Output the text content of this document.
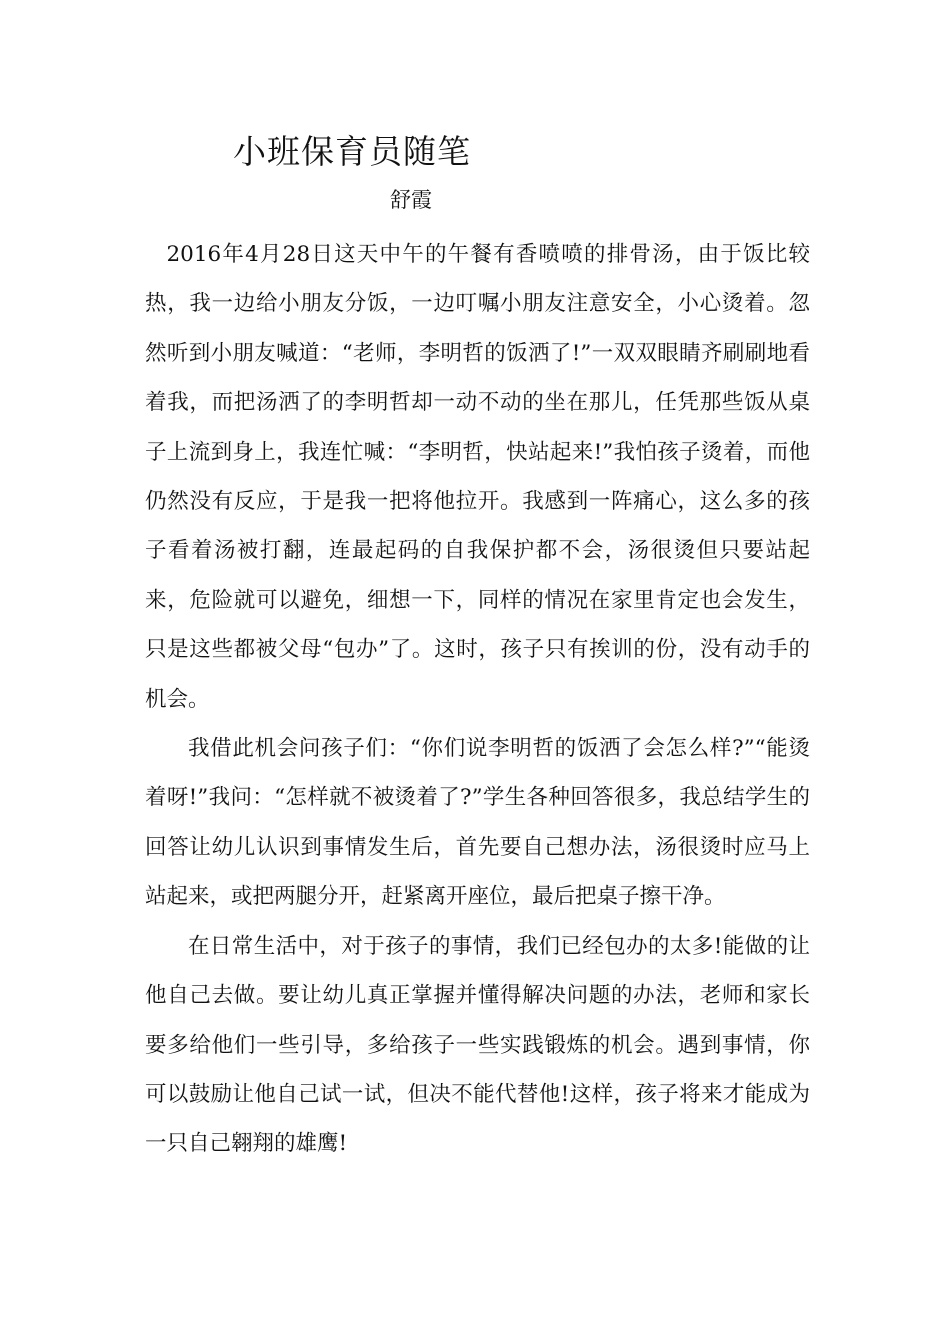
小班保育员随笔
舒霞

2016年4月28日这天中午的午餐有香喷喷的排骨汤，由于饭比较热，我一边给小朋友分饭，一边叮嘱小朋友注意安全，小心烫着。忽然听到小朋友喊道：“老师，李明哲的饭洒了!”一双双眼睛齐刷刷地看着我，而把汤洒了的李明哲却一动不动的坐在那儿，任凭那些饭从桌子上流到身上，我连忙喊：“李明哲，快站起来!”我怕孩子烫着，而他仍然没有反应，于是我一把将他拉开。我感到一阵痛心，这么多的孩子看着汤被打翻，连最起码的自我保护都不会，汤很烫但只要站起来，危险就可以避免，细想一下，同样的情况在家里肯定也会发生，只是这些都被父母“包办”了。这时，孩子只有挨训的份，没有动手的机会。

我借此机会问孩子们：“你们说李明哲的饭洒了会怎么样?”“能烫着呀!”我问：“怎样就不被烫着了?”学生各种回答很多，我总结学生的回答让幼儿认识到事情发生后，首先要自己想办法，汤很烫时应马上站起来，或把两腿分开，赶紧离开座位，最后把桌子擦干净。

在日常生活中，对于孩子的事情，我们已经包办的太多!能做的让他自己去做。要让幼儿真正掌握并懂得解决问题的办法，老师和家长要多给他们一些引导，多给孩子一些实践锻炼的机会。遇到事情，你可以鼓励让他自己试一试，但决不能代替他!这样，孩子将来才能成为一只自己翱翔的雄鹰!
